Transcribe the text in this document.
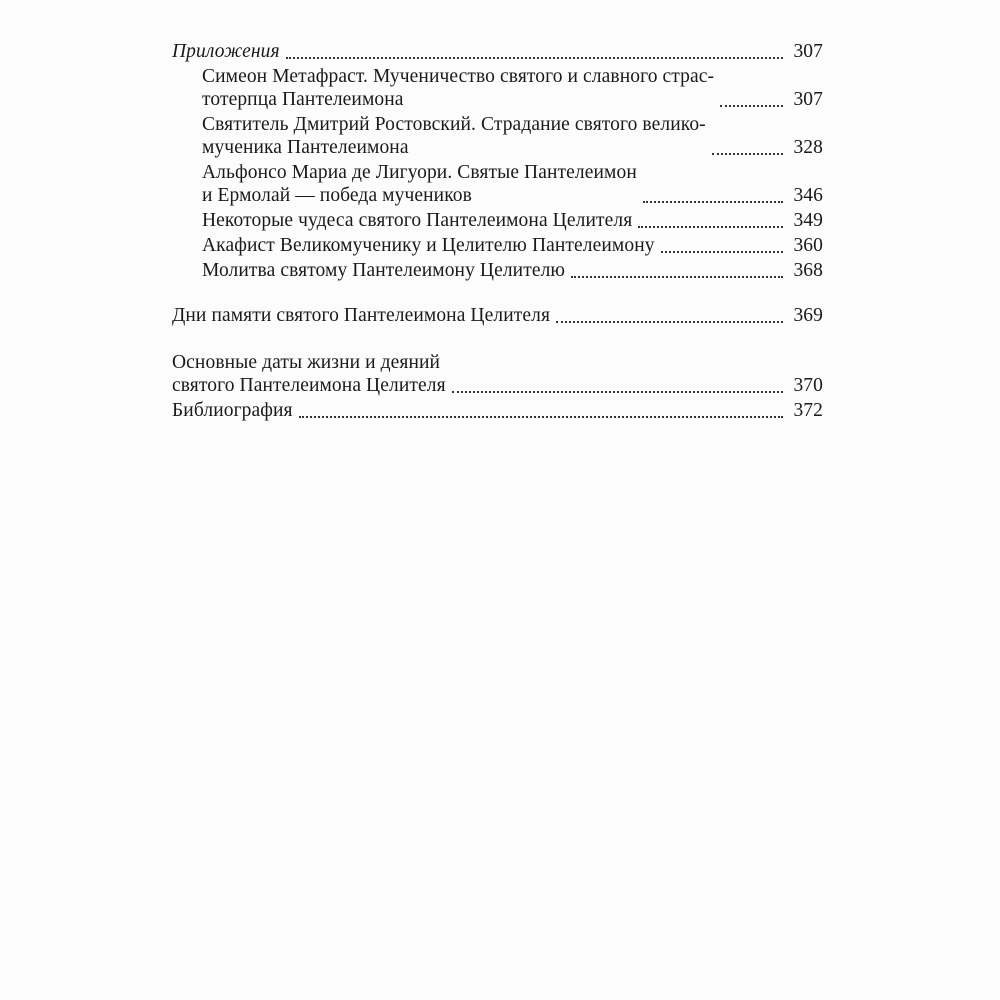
Приложения	307
Симеон Метафраст. Мученичество святого и славного страс-
тотерпца Пантелеимона	307
Святитель Дмитрий Ростовский. Страдание святого велико-
мученика Пантелеимона	328
Альфонсо Мариа де Лигуори. Святые Пантелеимон
и Ермолай — победа мучеников	346
Некоторые чудеса святого Пантелеимона Целителя	349
Акафист Великомученику и Целителю Пантелеимону	360
Молитва святому Пантелеимону Целителю	368
Дни памяти святого Пантелеимона Целителя	369
Основные даты жизни и деяний
святого Пантелеимона Целителя	370
Библиография	372
